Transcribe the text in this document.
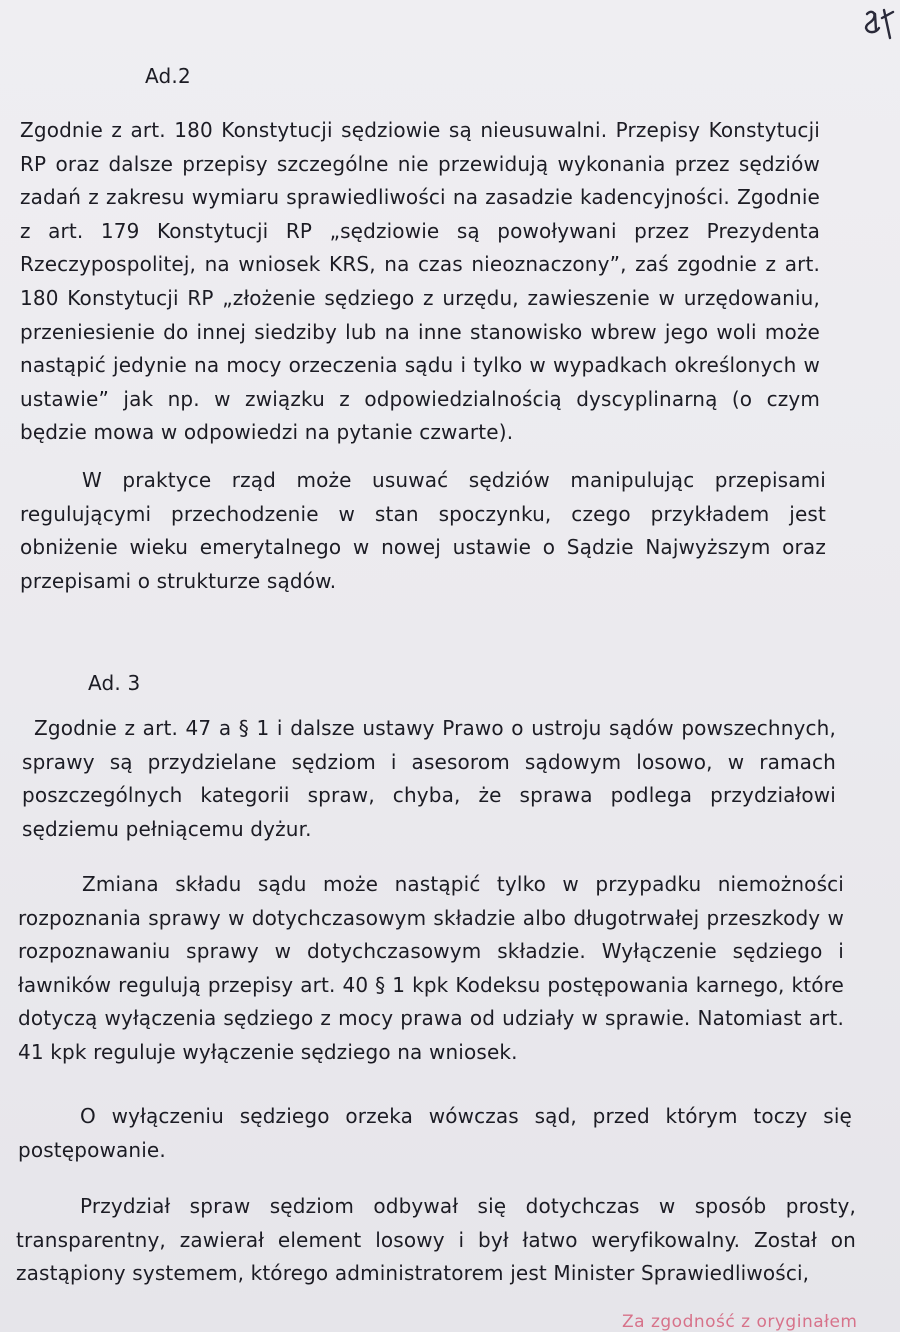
Ad.2
Zgodnie z art. 180 Konstytucji sędziowie są nieusuwalni. Przepisy Konstytucji RP oraz dalsze przepisy szczególne nie przewidują wykonania przez sędziów zadań z zakresu wymiaru sprawiedliwości na zasadzie kadencyjności. Zgodnie z art. 179 Konstytucji RP „sędziowie są powoływani przez Prezydenta Rzeczypospolitej, na wniosek KRS, na czas nieoznaczony”, zaś zgodnie z art. 180 Konstytucji RP „złożenie sędziego z urzędu, zawieszenie w urzędowaniu, przeniesienie do innej siedziby lub na inne stanowisko wbrew jego woli może nastąpić jedynie na mocy orzeczenia sądu i tylko w wypadkach określonych w ustawie” jak np. w związku z odpowiedzialnością dyscyplinarną (o czym będzie mowa w odpowiedzi na pytanie czwarte).
W praktyce rząd może usuwać sędziów manipulując przepisami regulującymi przechodzenie w stan spoczynku, czego przykładem jest obniżenie wieku emerytalnego w nowej ustawie o Sądzie Najwyższym oraz przepisami o strukturze sądów.
Ad. 3
Zgodnie z art. 47 a § 1 i dalsze ustawy Prawo o ustroju sądów powszechnych, sprawy są przydzielane sędziom i asesorom sądowym losowo, w ramach poszczególnych kategorii spraw, chyba, że sprawa podlega przydziałowi sędziemu pełniącemu dyżur.
Zmiana składu sądu może nastąpić tylko w przypadku niemożności rozpoznania sprawy w dotychczasowym składzie albo długotrwałej przeszkody w rozpoznawaniu sprawy w dotychczasowym składzie. Wyłączenie sędziego i ławników regulują przepisy art. 40 § 1 kpk Kodeksu postępowania karnego, które dotyczą wyłączenia sędziego z mocy prawa od udziały w sprawie. Natomiast art. 41 kpk reguluje wyłączenie sędziego na wniosek.
O wyłączeniu sędziego orzeka wówczas sąd, przed którym toczy się postępowanie.
Przydział spraw sędziom odbywał się dotychczas w sposób prosty, transparentny, zawierał element losowy i był łatwo weryfikowalny. Został on zastąpiony systemem, którego administratorem jest Minister Sprawiedliwości,
Za zgodność z oryginałem
